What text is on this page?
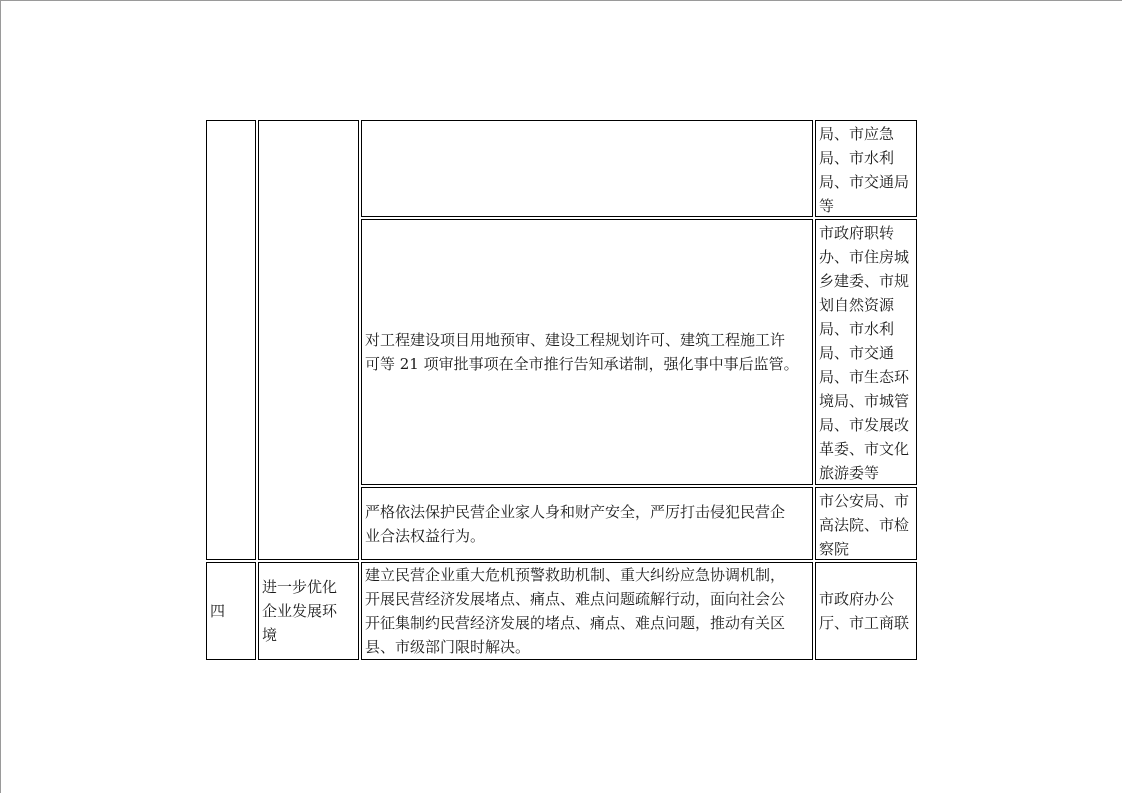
局、市应急
局、市水利
局、市交通局
等
对工程建设项目用地预审、建设工程规划许可、建筑工程施工许
可等 21 项审批事项在全市推行告知承诺制，强化事中事后监管。
市政府职转
办、市住房城
乡建委、市规
划自然资源
局、市水利
局、市交通
局、市生态环
境局、市城管
局、市发展改
革委、市文化
旅游委等
严格依法保护民营企业家人身和财产安全，严厉打击侵犯民营企
业合法权益行为。
市公安局、市
高法院、市检
察院
四
进一步优化
企业发展环
境
建立民营企业重大危机预警救助机制、重大纠纷应急协调机制，
开展民营经济发展堵点、痛点、难点问题疏解行动，面向社会公
开征集制约民营经济发展的堵点、痛点、难点问题，推动有关区
县、市级部门限时解决。
市政府办公
厅、市工商联
